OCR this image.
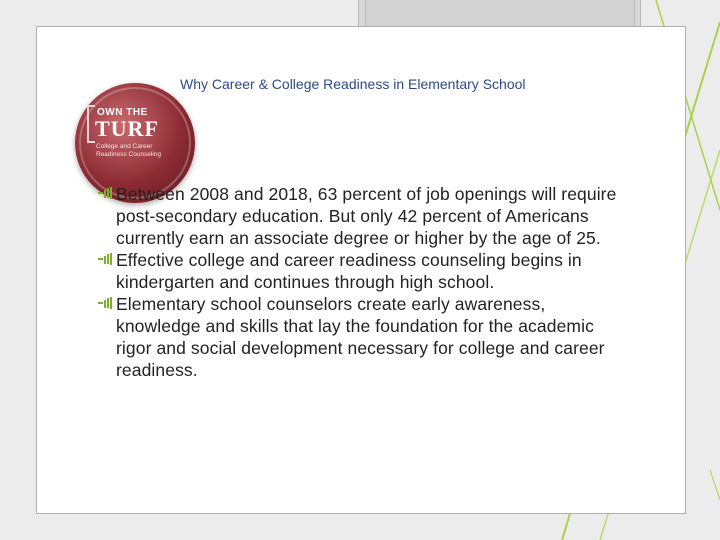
OWN THE
TURF
College and Career Readiness Counseling
Why Career & College Readiness in Elementary School
Between 2008 and 2018, 63 percent of job openings will require post-secondary education. But only 42 percent of Americans currently earn an associate degree or higher by the age of 25.
Effective college and career readiness counseling begins in kindergarten and continues through high school.
Elementary school counselors create early awareness, knowledge and skills that lay the foundation for the academic rigor and social development necessary for college and career readiness.
